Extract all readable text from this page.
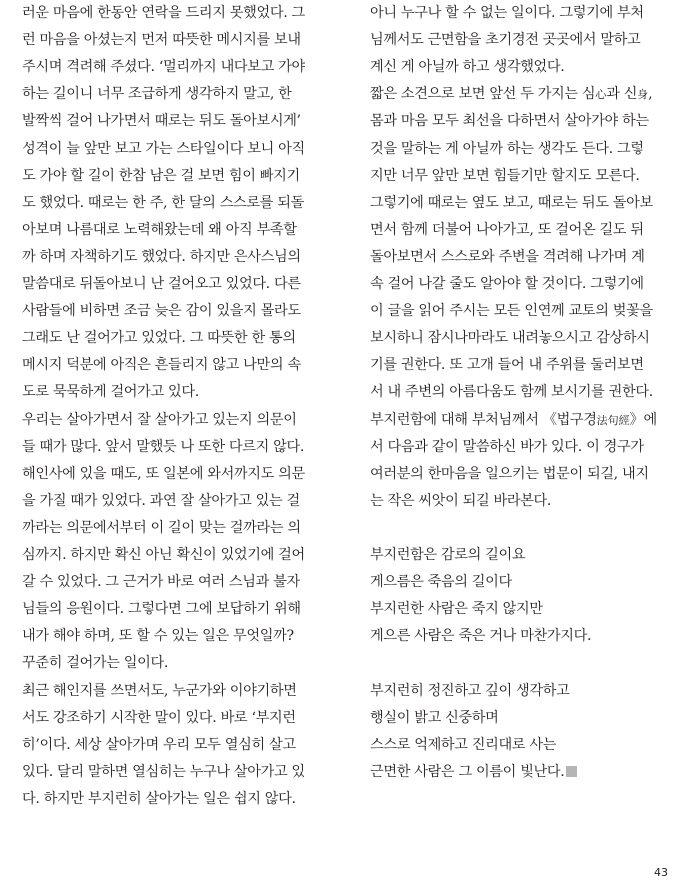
러운 마음에 한동안 연락을 드리지 못했었다. 그
런 마음을 아셨는지 먼저 따뜻한 메시지를 보내
주시며 격려해 주셨다. ‘멀리까지 내다보고 가야
하는 길이니 너무 조급하게 생각하지 말고, 한
발짝씩 걸어 나가면서 때로는 뒤도 돌아보시게’
성격이 늘 앞만 보고 가는 스타일이다 보니 아직
도 가야 할 길이 한참 남은 걸 보면 힘이 빠지기
도 했었다. 때로는 한 주, 한 달의 스스로를 되돌
아보며 나름대로 노력해왔는데 왜 아직 부족할
까 하며 자책하기도 했었다. 하지만 은사스님의
말씀대로 뒤돌아보니 난 걸어오고 있었다. 다른
사람들에 비하면 조금 늦은 감이 있을지 몰라도
그래도 난 걸어가고 있었다. 그 따뜻한 한 통의
메시지 덕분에 아직은 흔들리지 않고 나만의 속
도로 묵묵하게 걸어가고 있다.
우리는 살아가면서 잘 살아가고 있는지 의문이
들 때가 많다. 앞서 말했듯 나 또한 다르지 않다.
해인사에 있을 때도, 또 일본에 와서까지도 의문
을 가질 때가 있었다. 과연 잘 살아가고 있는 걸
까라는 의문에서부터 이 길이 맞는 걸까라는 의
심까지. 하지만 확신 아닌 확신이 있었기에 걸어
갈 수 있었다. 그 근거가 바로 여러 스님과 불자
님들의 응원이다. 그렇다면 그에 보답하기 위해
내가 해야 하며, 또 할 수 있는 일은 무엇일까?
꾸준히 걸어가는 일이다.
최근 해인지를 쓰면서도, 누군가와 이야기하면
서도 강조하기 시작한 말이 있다. 바로 ‘부지런
히’이다. 세상 살아가며 우리 모두 열심히 살고
있다. 달리 말하면 열심히는 누구나 살아가고 있
다. 하지만 부지런히 살아가는 일은 쉽지 않다.
아니 누구나 할 수 없는 일이다. 그렇기에 부처
님께서도 근면함을 초기경전 곳곳에서 말하고
계신 게 아닐까 하고 생각했었다.
짧은 소견으로 보면 앞선 두 가지는 심心과 신身,
몸과 마음 모두 최선을 다하면서 살아가야 하는
것을 말하는 게 아닐까 하는 생각도 든다. 그렇
지만 너무 앞만 보면 힘들기만 할지도 모른다.
그렇기에 때로는 옆도 보고, 때로는 뒤도 돌아보
면서 함께 더불어 나아가고, 또 걸어온 길도 뒤
돌아보면서 스스로와 주변을 격려해 나가며 계
속 걸어 나갈 줄도 알아야 할 것이다. 그렇기에
이 글을 읽어 주시는 모든 인연께 교토의 벚꽃을
보시하니 잠시나마라도 내려놓으시고 감상하시
기를 권한다. 또 고개 들어 내 주위를 둘러보면
서 내 주변의 아름다움도 함께 보시기를 권한다.
부지런함에 대해 부처님께서 《법구경法句經》에
서 다음과 같이 말씀하신 바가 있다. 이 경구가
여러분의 한마음을 일으키는 법문이 되길, 내지
는 작은 씨앗이 되길 바라본다.
부지런함은 감로의 길이요
게으름은 죽음의 길이다
부지런한 사람은 죽지 않지만
게으른 사람은 죽은 거나 마찬가지다.
부지런히 정진하고 깊이 생각하고
행실이 밝고 신중하며
스스로 억제하고 진리대로 사는
근면한 사람은 그 이름이 빛난다.
43
